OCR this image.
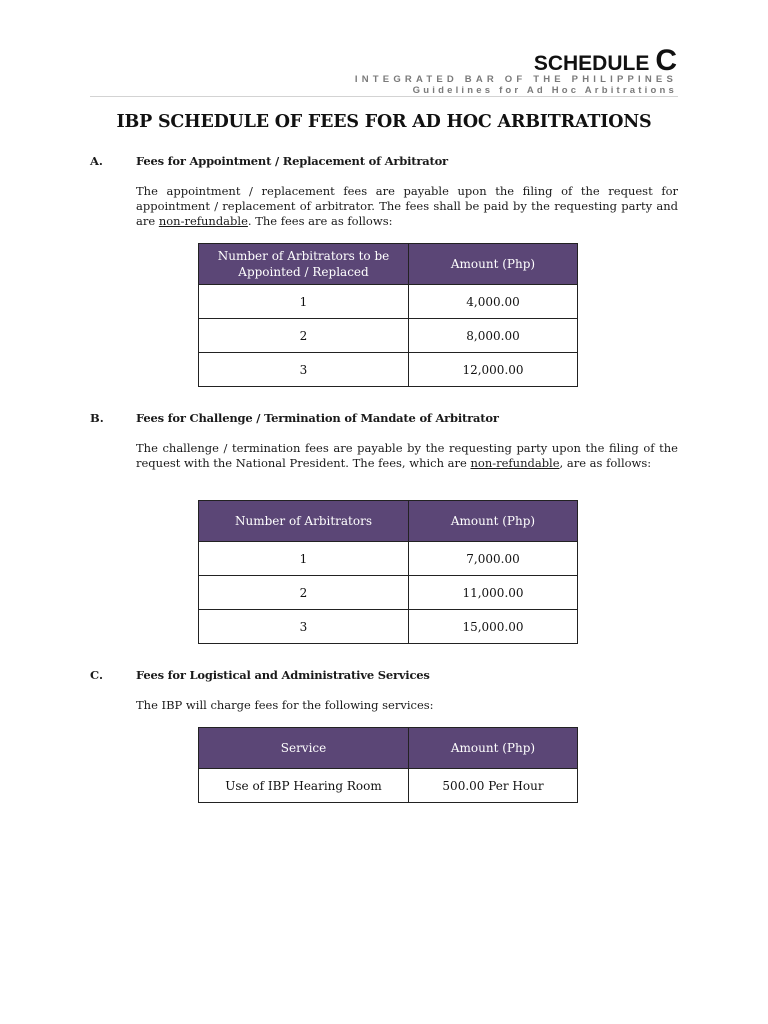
SCHEDULE C
INTEGRATED BAR OF THE PHILIPPINES
Guidelines for Ad Hoc Arbitrations
IBP SCHEDULE OF FEES FOR AD HOC ARBITRATIONS
A.	Fees for Appointment / Replacement of Arbitrator
The appointment / replacement fees are payable upon the filing of the request for appointment / replacement of arbitrator. The fees shall be paid by the requesting party and are non-refundable. The fees are as follows:
Number of Arbitrators to be Appointed / Replaced	Amount (Php)
1	4,000.00
2	8,000.00
3	12,000.00
B.	Fees for Challenge / Termination of Mandate of Arbitrator
The challenge / termination fees are payable by the requesting party upon the filing of the request with the National President. The fees, which are non-refundable, are as follows:
Number of Arbitrators	Amount (Php)
1	7,000.00
2	11,000.00
3	15,000.00
C.	Fees for Logistical and Administrative Services
The IBP will charge fees for the following services:
Service	Amount (Php)
Use of IBP Hearing Room	500.00 Per Hour
